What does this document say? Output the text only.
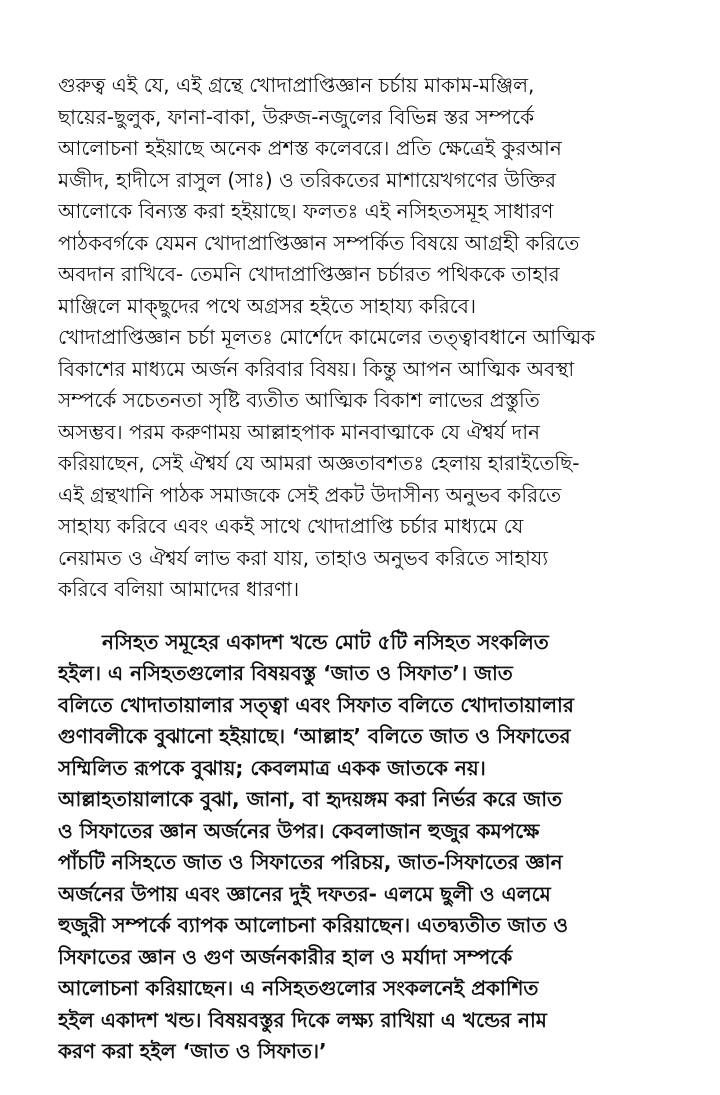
গুরুত্ব এই যে, এই গ্রন্থে খোদাপ্রাপ্তিজ্ঞান চর্চায় মাকাম-মঞ্জিল,
ছায়ের-ছুলুক, ফানা-বাকা, উরুজ-নজুলের বিভিন্ন স্তর সম্পর্কে
আলোচনা হইয়াছে অনেক প্রশস্ত কলেবরে। প্রতি ক্ষেত্রেই কুরআন
মজীদ, হাদীসে রাসুল (সাঃ) ও তরিকতের মাশায়েখগণের উক্তির
আলোকে বিন্যস্ত করা হইয়াছে। ফলতঃ এই নসিহতসমূহ সাধারণ
পাঠকবর্গকে যেমন খোদাপ্রাপ্তিজ্ঞান সম্পর্কিত বিষয়ে আগ্রহী করিতে
অবদান রাখিবে- তেমনি খোদাপ্রাপ্তিজ্ঞান চর্চারত পথিককে তাহার
মাঞ্জিলে মাক্ছুদের পথে অগ্রসর হইতে সাহায্য করিবে।
খোদাপ্রাপ্তিজ্ঞান চর্চা মূলতঃ মোর্শেদে কামেলের তত্ত্বাবধানে আত্মিক
বিকাশের মাধ্যমে অর্জন করিবার বিষয়। কিন্তু আপন আত্মিক অবস্থা
সম্পর্কে সচেতনতা সৃষ্টি ব্যতীত আত্মিক বিকাশ লাভের প্রস্তুতি
অসম্ভব। পরম করুণাময় আল্লাহপাক মানবাত্মাকে যে ঐশ্বর্য দান
করিয়াছেন, সেই ঐশ্বর্য যে আমরা অজ্ঞতাবশতঃ হেলায় হারাইতেছি-
এই গ্রন্থখানি পাঠক সমাজকে সেই প্রকট উদাসীন্য অনুভব করিতে
সাহায্য করিবে এবং একই সাথে খোদাপ্রাপ্তি চর্চার মাধ্যমে যে
নেয়ামত ও ঐশ্বর্য লাভ করা যায়, তাহাও অনুভব করিতে সাহায্য
করিবে বলিয়া আমাদের ধারণা।
নসিহত সমূহের একাদশ খন্ডে মোট ৫টি নসিহত সংকলিত
হইল। এ নসিহতগুলোর বিষয়বস্তু ‘জাত ও সিফাত’। জাত
বলিতে খোদাতায়ালার সত্ত্বা এবং সিফাত বলিতে খোদাতায়ালার
গুণাবলীকে বুঝানো হইয়াছে। ‘আল্লাহ’ বলিতে জাত ও সিফাতের
সম্মিলিত রূপকে বুঝায়; কেবলমাত্র একক জাতকে নয়।
আল্লাহতায়ালাকে বুঝা, জানা, বা হৃদয়ঙ্গম করা নির্ভর করে জাত
ও সিফাতের জ্ঞান অর্জনের উপর। কেবলাজান হুজুর কমপক্ষে
পাঁচটি নসিহতে জাত ও সিফাতের পরিচয়, জাত-সিফাতের জ্ঞান
অর্জনের উপায় এবং জ্ঞানের দুই দফতর- এলমে ছুলী ও এলমে
হুজুরী সম্পর্কে ব্যাপক আলোচনা করিয়াছেন। এতদ্ব্যতীত জাত ও
সিফাতের জ্ঞান ও গুণ অর্জনকারীর হাল ও মর্যাদা সম্পর্কে
আলোচনা করিয়াছেন। এ নসিহতগুলোর সংকলনেই প্রকাশিত
হইল একাদশ খন্ড। বিষয়বস্তুর দিকে লক্ষ্য রাখিয়া এ খন্ডের নাম
করণ করা হইল ‘জাত ও সিফাত।’
